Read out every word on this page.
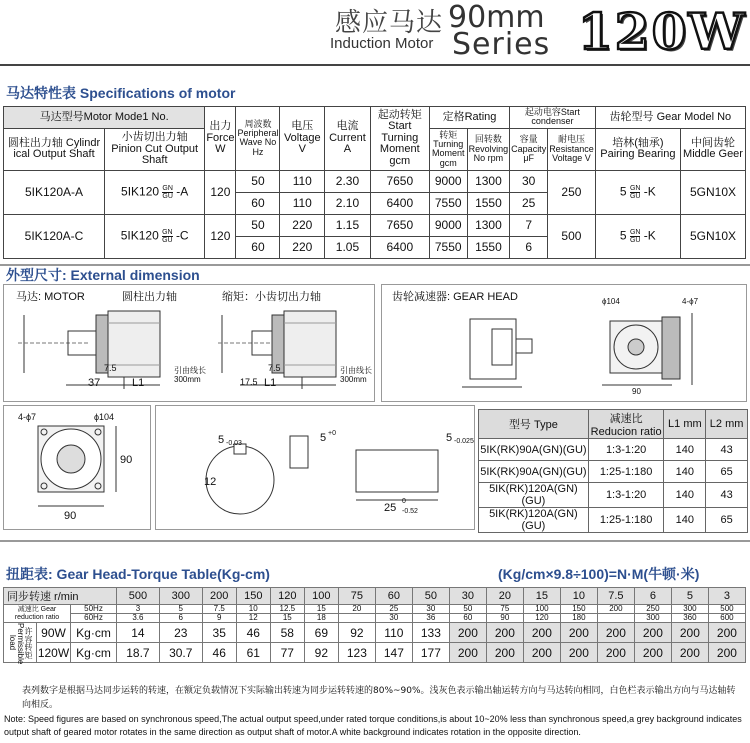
感应马达 90mm
Induction Motor Series 120W
马达特性表 Specifications of motor
马达型号Motor Mode1 No.		出力 Force W	周波数 Peripheral Wave No Hz	电压 Voltage V	电流 Current A	起动转矩 Start Turning Moment gcm	定格Rating		起动电容Start condenser		齿轮型号 Gear Model No	
圆柱出力轴 Cylindr ical Output Shaft	小齿切出力轴 Pinion Cut Output Shaft						转矩 Turning Moment gcm	回转数 Revolving No rpm	容量 Capacity μF	耐电压 Resistance Voltage V	培林(轴承) Pairing Bearing	中间齿轮 Middle Geer
5IK120A-A	$5IK120 \frac{GN}{GU} -A$	120	50	110	2.30	7650	9000	1300	30	250	$5 \frac{GN}{GU} -K$	5GN10X
			60	110	2.10	6400	7550	1550	25			
5IK120A-C	$5IK120 \frac{GN}{GU} -C$	120	50	220	1.15	7650	9000	1300	7	500	$5 \frac{GN}{GU} -K$	5GN10X
			60	220	1.05	6400	7550	1550	6			
外型尺寸: External dimension
马达: MOTOR	圆柱出力轴	缩矩：小齿切出力轴
37	L1
7.5
17.5 L1
7.5
引由线长
300mm
引由线长
300mm
齿轮减速器: GEAR HEAD	ϕ104	4-ϕ7
90
4-ϕ7	ϕ104
90
90
5 -0.03
12
5 +0	5 -0.025
25
0
-0.52
型号 Type	减速比 Reducion ratio	L1 mm	L2 mm
5IK(RK)90A(GN)(GU)	1:3-1:20	140	43
5IK(RK)90A(GN)(GU)	1:25-1:180	140	65
5IK(RK)120A(GN)(GU)	1:3-1:20	140	43
5IK(RK)120A(GN)(GU)	1:25-1:180	140	65
扭距表: Gear Head-Torque Table(Kg-cm)	(Kg/cm×9.8÷100)=N·M(牛顿·米)
同步转速 r/min			500	300	200	150	120	100	75	60	50	30	20	15	10	7.5	6	5	3
减速比 Gear reduction ratio		50Hz	3	5	7.5	10	12.5	15	20	25	30	50	75	100	150	200	250	300	500
		60Hz	3.6	6	9	12	15	18		30	36	60	90	120	180		300	360	600
许容转矩 Permissible load	90W	Kg·cm	14	23	35	46	58	69	92	110	133	200	200	200	200	200	200	200	200
	120W	Kg·cm	18.7	30.7	46	61	77	92	123	147	177	200	200	200	200	200	200	200	200
表列数字是根据马达同步运转的转速，在额定负载情况下实际输出转速为同步运转转速的80%~90%。浅灰色表示输出轴运转方向与马达转向相同，白色栏表示输出方向与马达轴转向相反。
Note: Speed figures are based on synchronous speed,The actual output speed,under rated torque conditions,is about 10~20% less than synchronous speed,a grey background indicates output shaft of geared motor rotates in the same direction as output shaft of motor.A white background indicates rotation in the opposite direction.
